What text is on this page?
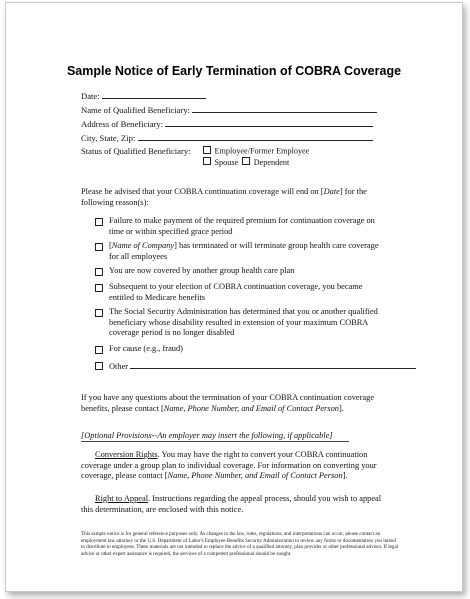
Sample Notice of Early Termination of COBRA Coverage
Date:
Name of Qualified Beneficiary:
Address of Beneficiary:
City, State, Zip:
Status of Qualified Beneficiary:	Employee/Former Employee
Spouse Dependent
Please be advised that your COBRA continuation coverage will end on [Date] for the following reason(s):
Failure to make payment of the required premium for continuation coverage on time or within specified grace period
[Name of Company] has terminated or will terminate group health care coverage for all employees
You are now covered by another group health care plan
Subsequent to your election of COBRA continuation coverage, you became entitled to Medicare benefits
The Social Security Administration has determined that you or another qualified beneficiary whose disability resulted in extension of your maximum COBRA coverage period is no longer disabled
For cause (e.g., fraud)
Other
If you have any questions about the termination of your COBRA continuation coverage benefits, please contact [Name, Phone Number, and Email of Contact Person].
[Optional Provisions--An employer may insert the following, if applicable]
Conversion Rights. You may have the right to convert your COBRA continuation coverage under a group plan to individual coverage. For information on converting your coverage, please contact [Name, Phone Number, and Email of Contact Person].
Right to Appeal. Instructions regarding the appeal process, should you wish to appeal this determination, are enclosed with this notice.
This sample notice is for general reference purposes only. As changes in the law, rules, regulations, and interpretations can occur, please contact an employment law attorney or the U.S. Department of Labor's Employee Benefits Security Administration to review any forms or documentation you intend to distribute to employees. These materials are not intended to replace the advice of a qualified attorney, plan provider or other professional advisor. If legal advice or other expert assistance is required, the services of a competent professional should be sought.
